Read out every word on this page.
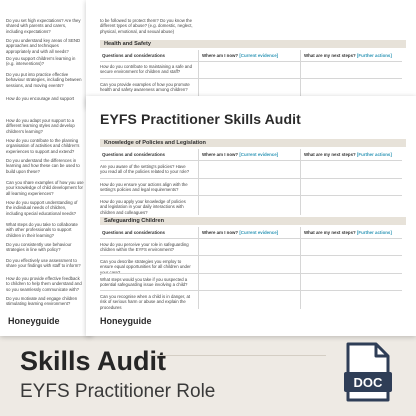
Do you set high expectations? Are they shared with parents and carers, including expectations?
Do you understand key areas of SEND approaches and techniques appropriately and with all needs?
Do you support children's learning in (e.g. interventions)?
Do you put into practice effective behaviour strategies, including between sessions, and moving events?
How do you encourage and support
How do you adapt your support to a different learning styles and develop children's learning?
How do you contribute to the planning organisation of activities and children's experiences to support and extend?
Do you understand the differences in learning and how these can be used to build upon these?
Can you share examples of how you use your knowledge of child development for all learning experiences?
How do you support understanding of the individual needs of children, including special educational needs?
What steps do you take to collaborate with other professionals to support children in their learning?
Do you consistently use behaviour strategies in line with policy?
Do you effectively use assessment to share your findings with staff to inform?
How do you provide effective feedback to children to help them understand and so you seamlessly communicate with?
Do you motivate and engage children stimulating learning environment?
Honeyguide
to be followed to protect them? Do you know the different types of abuse? (e.g. domestic, neglect, physical, emotional, and sexual abuse)
Health and Safety
Questions and considerations	Where am I now? [Current evidence]	What are my next steps? [Further actions]
How do you contribute to maintaining a safe and secure environment for children and staff?
Can you provide examples of how you promote health and safety awareness among children?
EYFS Practitioner Skills Audit
Knowledge of Policies and Legislation
Questions and considerations	Where am I now? [Current evidence]	What are my next steps? [Further actions]
Are you aware of the setting's policies? Have you read all of the policies related to your role?
How do you ensure your actions align with the setting's policies and legal requirements?
How do you apply your knowledge of policies and legislation in your daily interactions with children and colleagues?
Safeguarding Children
Questions and considerations	Where am I now? [Current evidence]	What are my next steps? [Further actions]
How do you perceive your role in safeguarding children within the EYFS environment?
Can you describe strategies you employ to ensure equal opportunities for all children under your care?
What steps would you take if you suspected a potential safeguarding issue involving a child?
Can you recognise when a child is in danger, at risk of serious harm or abuse and explain the procedures
Honeyguide
Skills Audit
EYFS Practitioner Role	DOC
